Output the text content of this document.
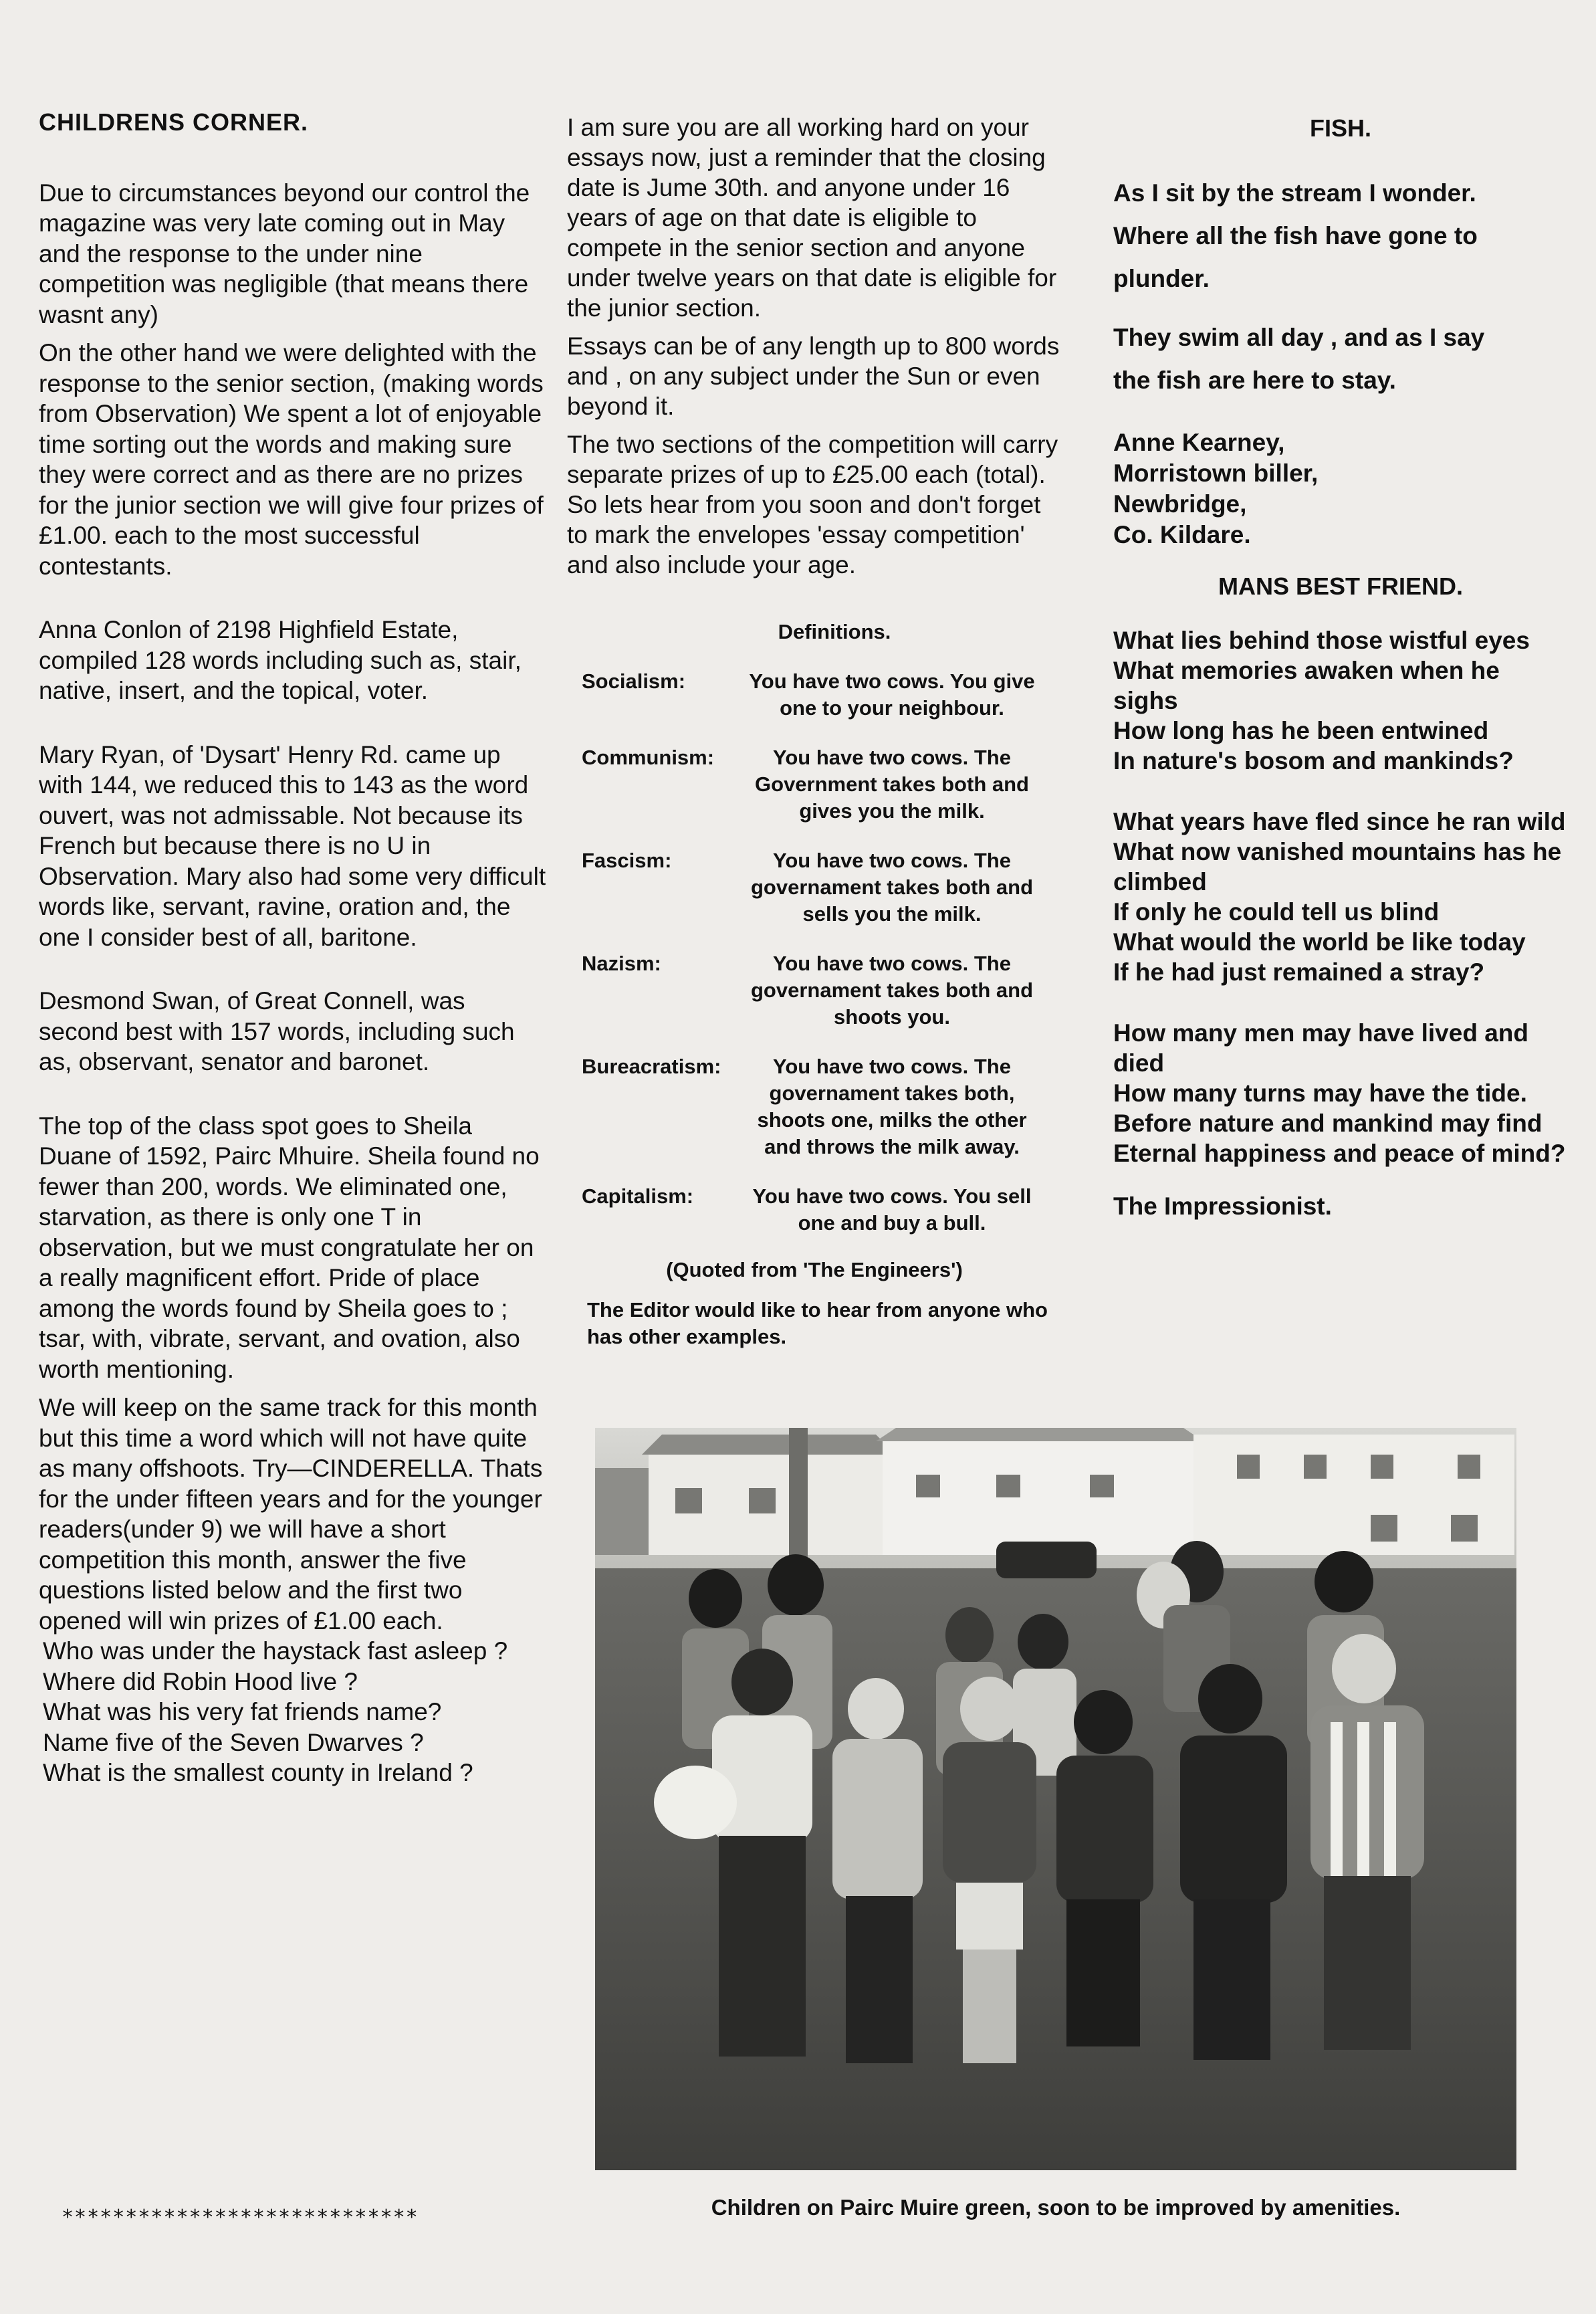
CHILDRENS CORNER.

Due to circumstances beyond our control the magazine was very late coming out in May and the response to the under nine competition was negligible (that means there wasnt any)

On the other hand we were delighted with the response to the senior section, (making words from Observation) We spent a lot of enjoyable time sorting out the words and making sure they were correct and as there are no prizes for the junior section we will give four prizes of £1.00. each to the most successful contestants.

Anna Conlon of 2198 Highfield Estate, compiled 128 words including such as, stair, native, insert, and the topical, voter.

Mary Ryan, of 'Dysart' Henry Rd. came up with 144, we reduced this to 143 as the word ouvert, was not admissable. Not because its French but because there is no U in Observation. Mary also had some very difficult words like, servant, ravine, oration and, the one I consider best of all, baritone.

Desmond Swan, of Great Connell, was second best with 157 words, including such as, observant, senator and baronet.

The top of the class spot goes to Sheila Duane of 1592, Pairc Mhuire. Sheila found no fewer than 200, words. We eliminated one, starvation, as there is only one T in observation, but we must congratulate her on a really magnificent effort. Pride of place among the words found by Sheila goes to ; tsar, with, vibrate, servant, and ovation, also worth mentioning.

We will keep on the same track for this month but this time a word which will not have quite as many offshoots. Try—CINDERELLA. Thats for the under fifteen years and for the younger readers(under 9) we will have a short competition this month, answer the five questions listed below and the first two opened will win prizes of £1.00 each.

Who was under the haystack fast asleep ?

Where did Robin Hood live ?

What was his very fat friends name?

Name five of the Seven Dwarves ?

What is the smallest county in Ireland ?

****************************

I am sure you are all working hard on your essays now, just a reminder that the closing date is Jume 30th. and anyone under 16 years of age on that date is eligible to compete in the senior section and anyone under twelve years on that date is eligible for the junior section.

Essays can be of any length up to 800 words and , on any subject under the Sun or even beyond it.

The two sections of the competition will carry separate prizes of up to £25.00 each (total). So lets hear from you soon and don't forget to mark the envelopes 'essay competition' and also include your age.

Definitions.
Socialism:	You have two cows. You give one to your neighbour.
Communism:	You have two cows. The Government takes both and gives you the milk.
Fascism:	You have two cows. The governament takes both and sells you the milk.
Nazism:	You have two cows. The governament takes both and shoots you.
Bureacratism:	You have two cows. The governament takes both, shoots one, milks the other and throws the milk away.
Capitalism:	You have two cows. You sell one and buy a bull.
(Quoted from 'The Engineers')
The Editor would like to hear from anyone who has other examples.

FISH.

As I sit by the stream I wonder.

Where all the fish have gone to

plunder.

They swim all day , and as I say

the fish are here to stay.

Anne Kearney,

Morristown biller,

Newbridge,

Co. Kildare.

MANS BEST FRIEND.

What lies behind those wistful eyes

What memories awaken when he sighs

How long has he been entwined

In nature's bosom and mankinds?

What years have fled since he ran wild

What now vanished mountains has he climbed

If only he could tell us blind

What would the world be like today

If he had just remained a stray?

How many men may have lived and died

How many turns may have the tide.

Before nature and mankind may find

Eternal happiness and peace of mind?

The Impressionist.

Children on Pairc Muire green, soon to be improved by amenities.
